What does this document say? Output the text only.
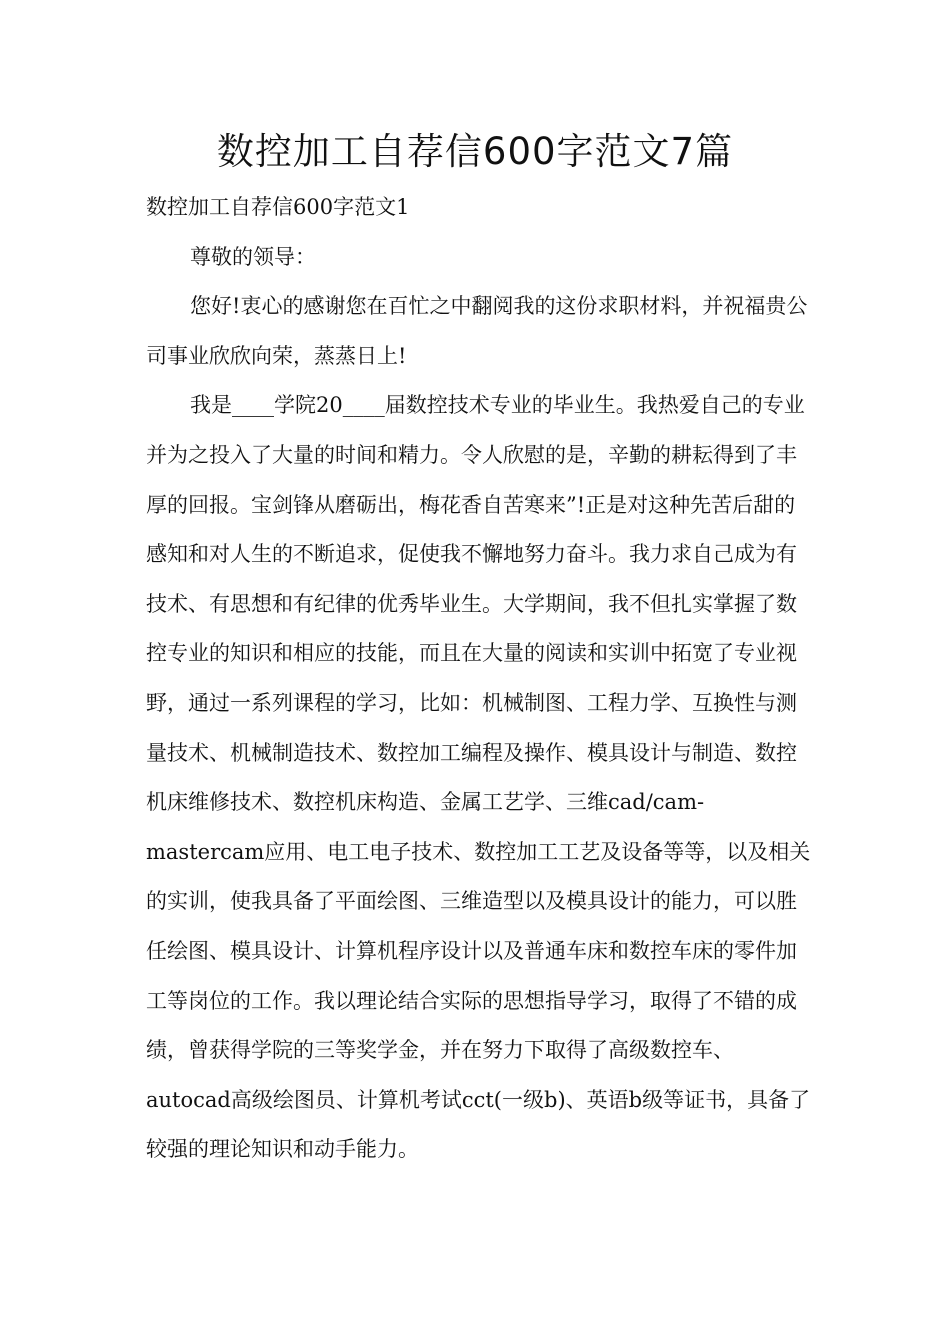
数控加工自荐信600字范文7篇

数控加工自荐信600字范文1

尊敬的领导：

您好!衷心的感谢您在百忙之中翻阅我的这份求职材料，并祝福贵公司事业欣欣向荣，蒸蒸日上!

我是____学院20____届数控技术专业的毕业生。我热爱自己的专业并为之投入了大量的时间和精力。令人欣慰的是，辛勤的耕耘得到了丰厚的回报。宝剑锋从磨砺出，梅花香自苦寒来”!正是对这种先苦后甜的感知和对人生的不断追求，促使我不懈地努力奋斗。我力求自己成为有技术、有思想和有纪律的优秀毕业生。大学期间，我不但扎实掌握了数控专业的知识和相应的技能，而且在大量的阅读和实训中拓宽了专业视野，通过一系列课程的学习，比如：机械制图、工程力学、互换性与测量技术、机械制造技术、数控加工编程及操作、模具设计与制造、数控机床维修技术、数控机床构造、金属工艺学、三维cad/cam-mastercam应用、电工电子技术、数控加工工艺及设备等等，以及相关的实训，使我具备了平面绘图、三维造型以及模具设计的能力，可以胜任绘图、模具设计、计算机程序设计以及普通车床和数控车床的零件加工等岗位的工作。我以理论结合实际的思想指导学习，取得了不错的成绩，曾获得学院的三等奖学金，并在努力下取得了高级数控车、autocad高级绘图员、计算机考试cct(一级b)、英语b级等证书，具备了较强的理论知识和动手能力。
